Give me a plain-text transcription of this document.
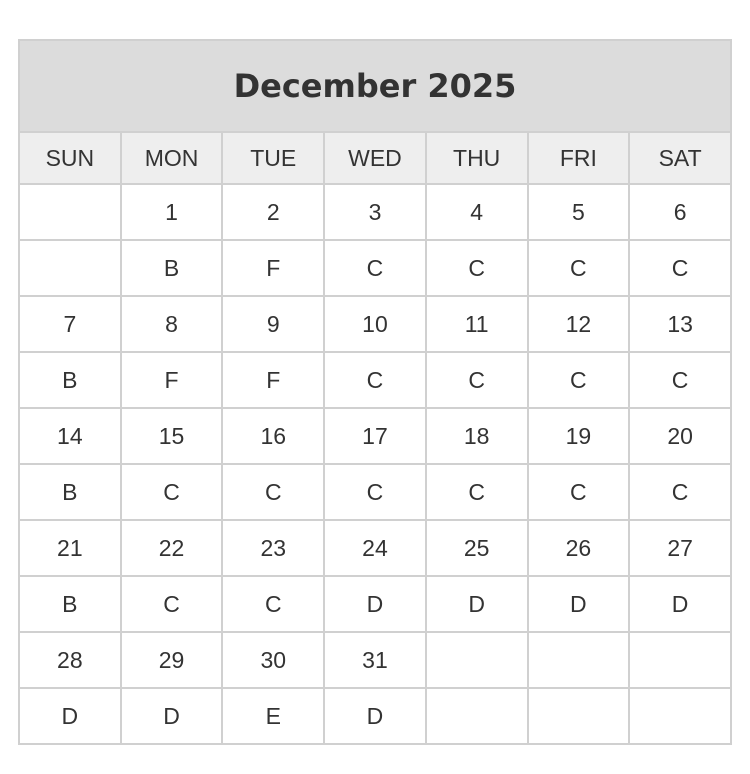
December 2025						
SUN	MON	TUE	WED	THU	FRI	SAT
	1	2	3	4	5	6
	B	F	C	C	C	C
7	8	9	10	11	12	13
B	F	F	C	C	C	C
14	15	16	17	18	19	20
B	C	C	C	C	C	C
21	22	23	24	25	26	27
B	C	C	D	D	D	D
28	29	30	31			
D	D	E	D			
